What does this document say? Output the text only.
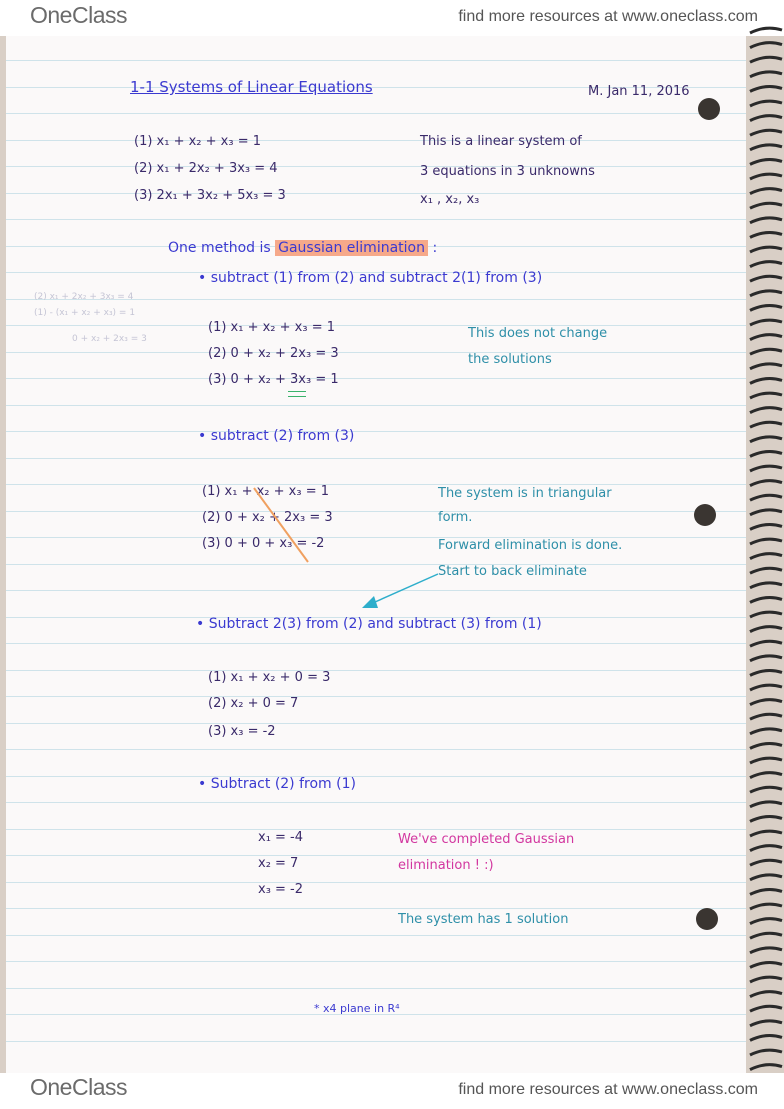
OneClass	find more resources at www.oneclass.com
1-1 Systems of Linear Equations	M. Jan 11, 2016
(1) x₁ + x₂ + x₃ = 1
(2) x₁ + 2x₂ + 3x₃ = 4
(3) 2x₁ + 3x₂ + 5x₃ = 3
This is a linear system of
3 equations in 3 unknowns
x₁ , x₂, x₃
One method is Gaussian elimination :
• subtract (1) from (2) and subtract 2(1) from (3)
(2) x₁ + 2x₂ + 3x₃ = 4
(1) - (x₁ + x₂ + x₃) = 1
0 + x₂ + 2x₃ = 3
(1) x₁ + x₂ + x₃ = 1
(2) 0 + x₂ + 2x₃ = 3
(3) 0 + x₂ + 3x₃ = 1
This does not change
the solutions
• subtract (2) from (3)
(1) x₁ + x₂ + x₃ = 1
(2) 0 + x₂ + 2x₃ = 3
(3) 0 + 0 + x₃ = -2
The system is in triangular
form.
Forward elimination is done.
Start to back eliminate
• Subtract 2(3) from (2) and subtract (3) from (1)
(1) x₁ + x₂ + 0 = 3
(2) x₂ + 0 = 7
(3) x₃ = -2
• Subtract (2) from (1)
x₁ = -4
x₂ = 7
x₃ = -2
We've completed Gaussian
elimination ! :)
The system has 1 solution
* x4 plane in R⁴
OneClass	find more resources at www.oneclass.com
